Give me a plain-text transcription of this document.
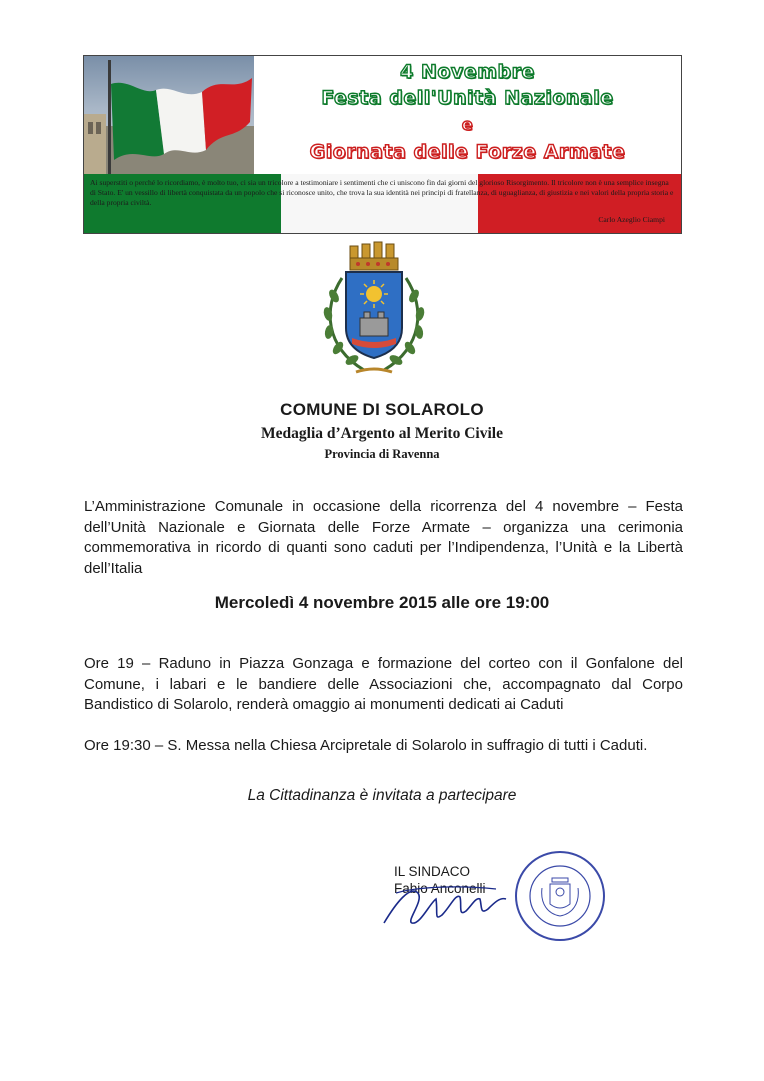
4 Novembre
Festa dell'Unità Nazionale
e
Giornata delle Forze Armate
Ai superstiti o perché lo ricordiamo, è molto tuo, ci sia un tricolore a testimoniare i sentimenti che ci uniscono fin dai giorni del glorioso Risorgimento. Il tricolore non è una semplice insegna di Stato. E' un vessillo di libertà conquistata da un popolo che si riconosce unito, che trova la sua identità nei principi di fratellanza, di uguaglianza, di giustizia e nei valori della propria storia e della propria civiltà.
Carlo Azeglio Ciampi
COMUNE DI SOLAROLO
Medaglia d’Argento al Merito Civile
Provincia di Ravenna
L’Amministrazione Comunale in occasione della ricorrenza del 4 novembre – Festa dell’Unità Nazionale e Giornata delle Forze Armate – organizza una cerimonia commemorativa in ricordo di quanti sono caduti per l’Indipendenza, l’Unità e la Libertà dell’Italia
Mercoledì 4 novembre 2015 alle ore 19:00
Ore 19 – Raduno in Piazza Gonzaga e formazione del corteo con il Gonfalone del Comune, i labari e le bandiere delle Associazioni che, accompagnato dal Corpo Bandistico di Solarolo, renderà omaggio ai monumenti dedicati ai Caduti
Ore 19:30 – S. Messa nella Chiesa Arcipretale di Solarolo in suffragio di tutti i Caduti.
La Cittadinanza è invitata a partecipare
IL SINDACO
Fabio Anconelli
